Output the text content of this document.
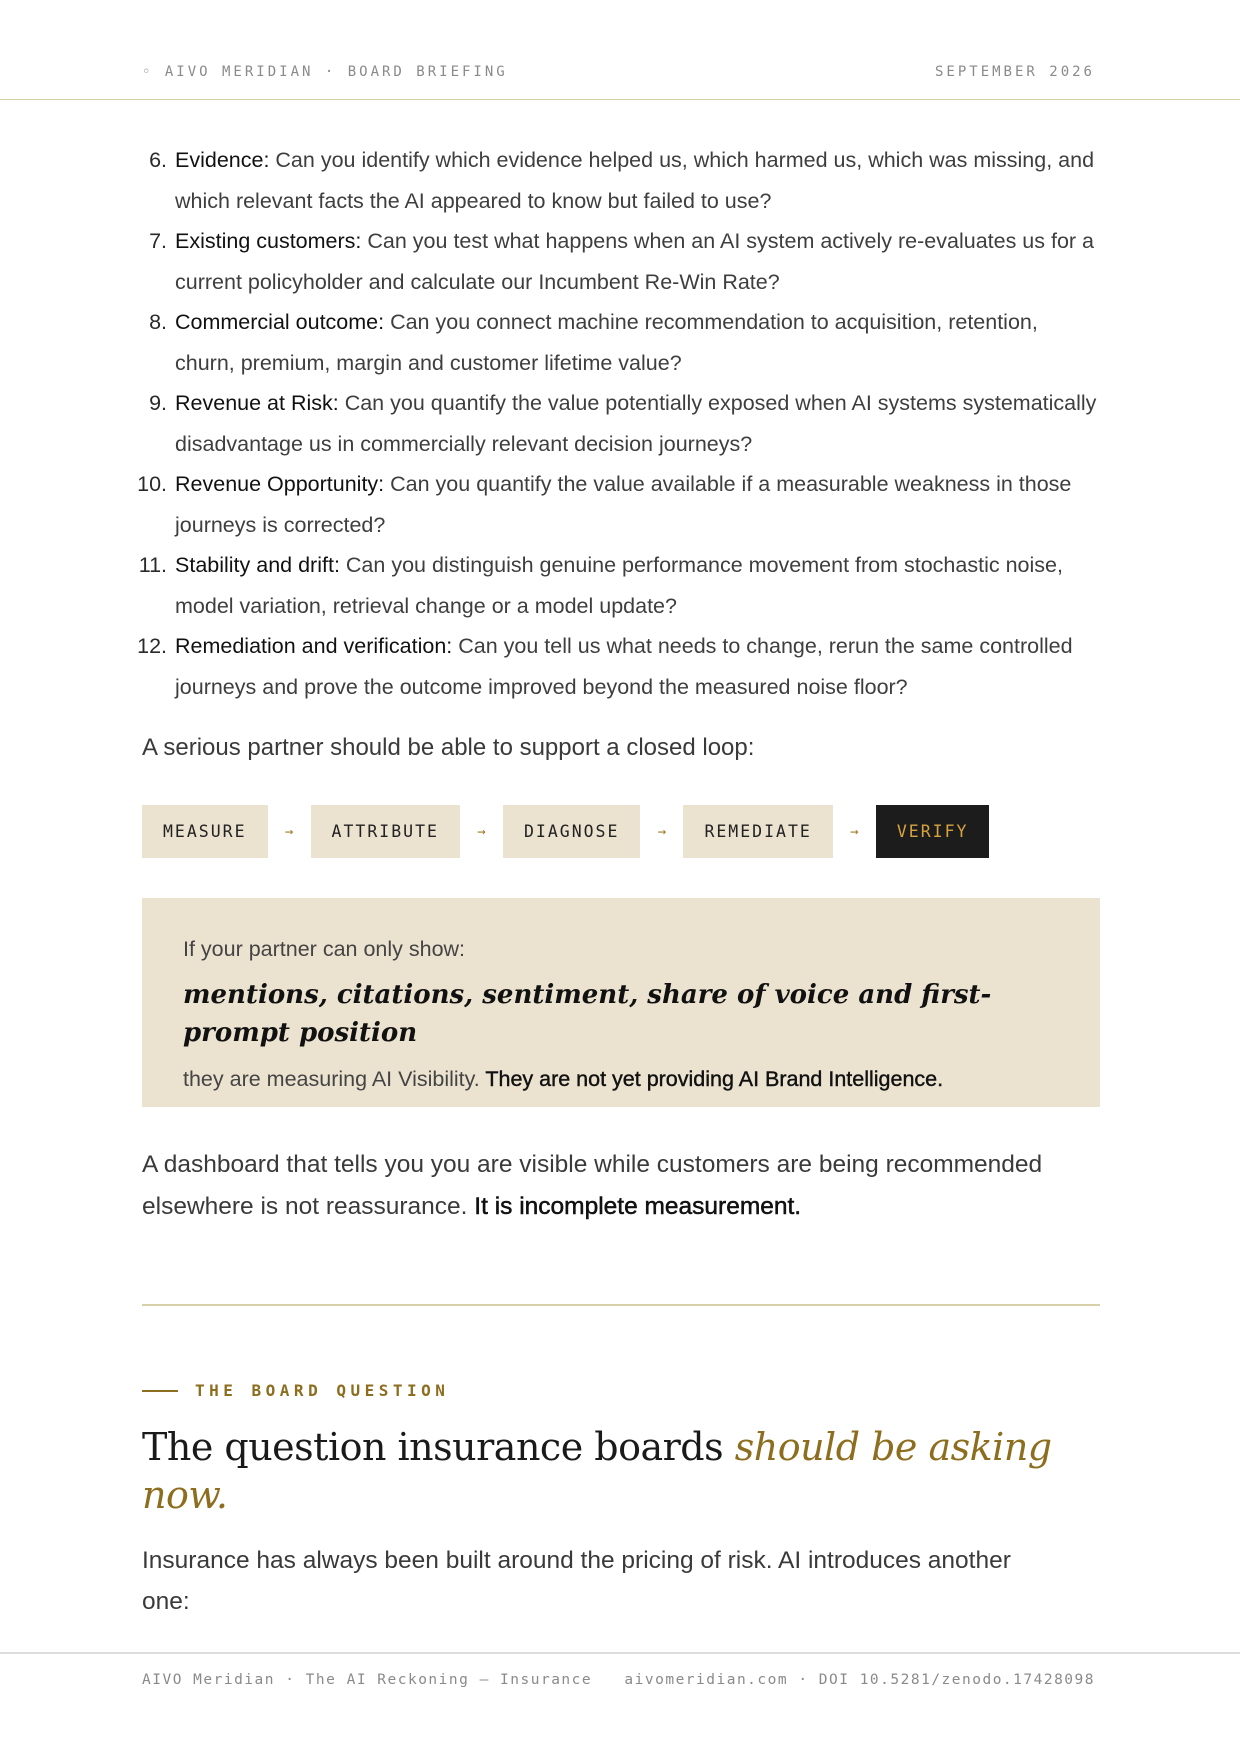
◦ AIVO MERIDIAN · BOARD BRIEFING	SEPTEMBER 2026
6. Evidence: Can you identify which evidence helped us, which harmed us, which was missing, and which relevant facts the AI appeared to know but failed to use?
7. Existing customers: Can you test what happens when an AI system actively re-evaluates us for a current policyholder and calculate our Incumbent Re-Win Rate?
8. Commercial outcome: Can you connect machine recommendation to acquisition, retention, churn, premium, margin and customer lifetime value?
9. Revenue at Risk: Can you quantify the value potentially exposed when AI systems systematically disadvantage us in commercially relevant decision journeys?
10. Revenue Opportunity: Can you quantify the value available if a measurable weakness in those journeys is corrected?
11. Stability and drift: Can you distinguish genuine performance movement from stochastic noise, model variation, retrieval change or a model update?
12. Remediation and verification: Can you tell us what needs to change, rerun the same controlled journeys and prove the outcome improved beyond the measured noise floor?

A serious partner should be able to support a closed loop:

MEASURE	→	ATTRIBUTE	→	DIAGNOSE	→	REMEDIATE	→	VERIFY
If your partner can only show:
mentions, citations, sentiment, share of voice and first-prompt position
they are measuring AI Visibility. They are not yet providing AI Brand Intelligence.

A dashboard that tells you you are visible while customers are being recommended elsewhere is not reassurance. It is incomplete measurement.

THE BOARD QUESTION
The question insurance boards should be asking now.

Insurance has always been built around the pricing of risk. AI introduces another one:

AIVO Meridian · The AI Reckoning — Insurance aivomeridian.com · DOI 10.5281/zenodo.17428098
